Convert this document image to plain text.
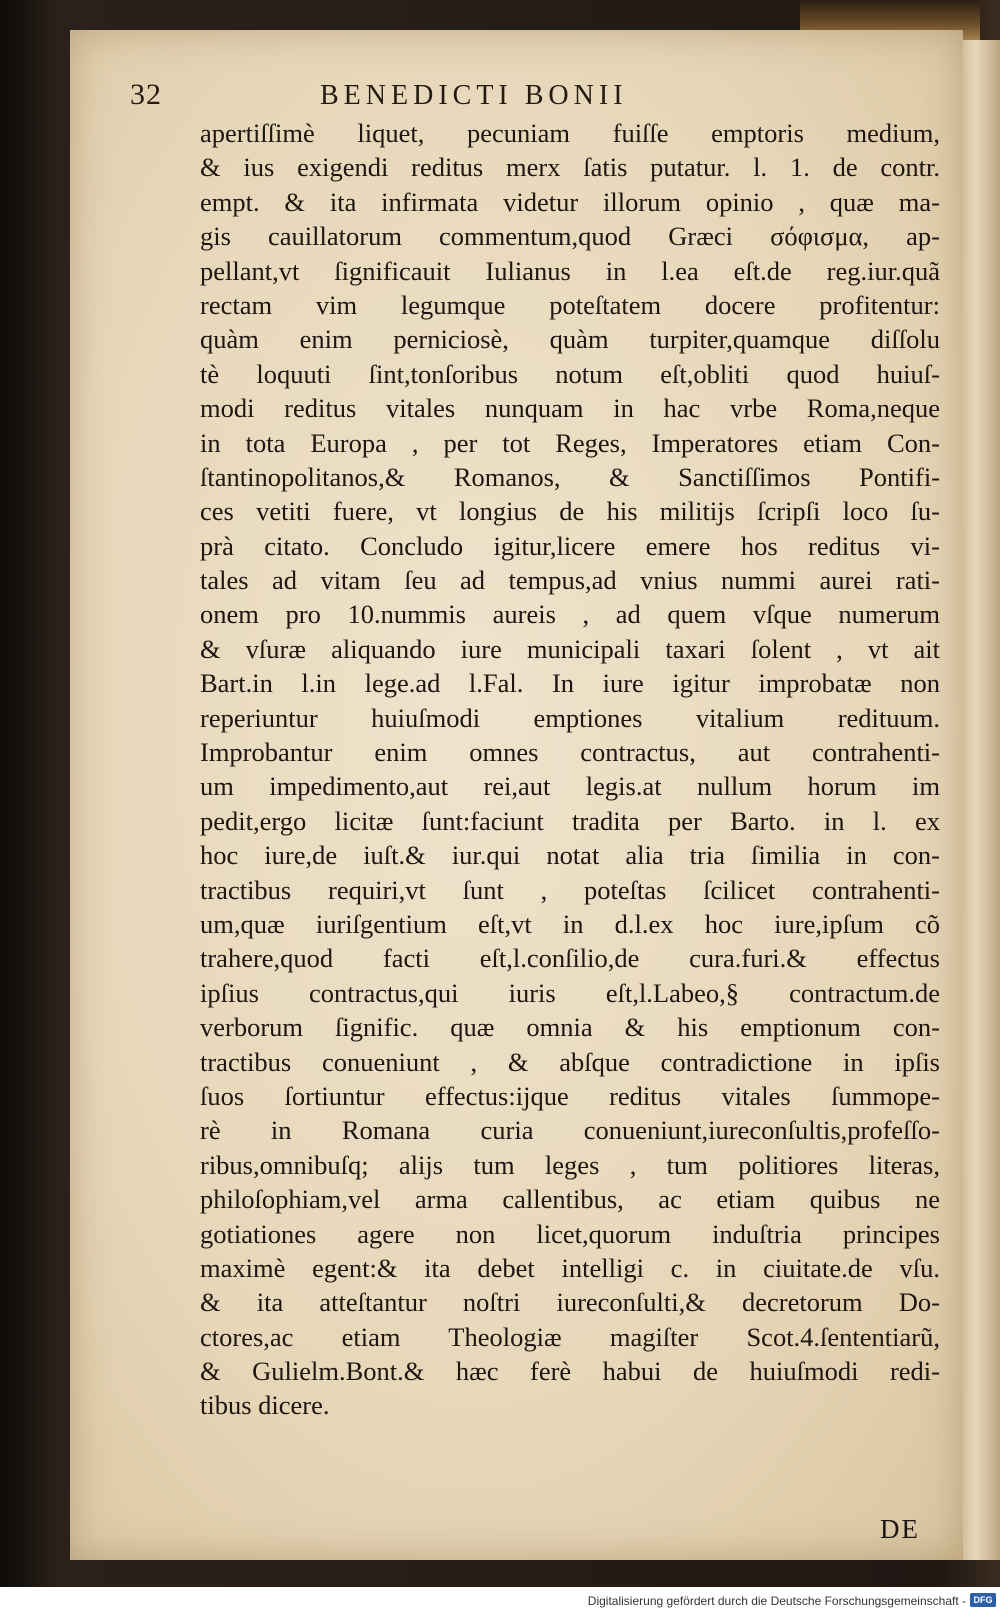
32	BENEDICTI BONII
apertiſſimè liquet, pecuniam fuiſſe emptoris medium,
& ius exigendi reditus merx ſatis putatur. l. 1. de contr.
empt. & ita infirmata videtur illorum opinio , quæ ma-
gis cauillatorum commentum,quod Græci σόφισμα, ap-
pellant,vt ſignificauit Iulianus in l.ea eſt.de reg.iur.quã
rectam vim legumque poteſtatem docere profitentur:
quàm enim perniciosè, quàm turpiter,quamque diſſolu
tè loquuti ſint,tonſoribus notum eſt,obliti quod huiuſ-
modi reditus vitales nunquam in hac vrbe Roma,neque
in tota Europa , per tot Reges, Imperatores etiam Con-
ſtantinopolitanos,& Romanos, & Sanctiſſimos Pontifi-
ces vetiti fuere, vt longius de his militijs ſcripſi loco ſu-
prà citato. Concludo igitur,licere emere hos reditus vi-
tales ad vitam ſeu ad tempus,ad vnius nummi aurei rati-
onem pro 10.nummis aureis , ad quem vſque numerum
& vſuræ aliquando iure municipali taxari ſolent , vt ait
Bart.in l.in lege.ad l.Fal. In iure igitur improbatæ non
reperiuntur huiuſmodi emptiones vitalium redituum.
Improbantur enim omnes contractus, aut contrahenti-
um impedimento,aut rei,aut legis.at nullum horum im
pedit,ergo licitæ ſunt:faciunt tradita per Barto. in l. ex
hoc iure,de iuſt.& iur.qui notat alia tria ſimilia in con-
tractibus requiri,vt ſunt , poteſtas ſcilicet contrahenti-
um,quæ iuriſgentium eſt,vt in d.l.ex hoc iure,ipſum cõ
trahere,quod facti eſt,l.conſilio,de cura.furi.& effectus
ipſius contractus,qui iuris eſt,l.Labeo,§ contractum.de
verborum ſignific. quæ omnia & his emptionum con-
tractibus conueniunt , & abſque contradictione in ipſis
ſuos ſortiuntur effectus:ijque reditus vitales ſummope-
rè in Romana curia conueniunt,iureconſultis,profeſſo-
ribus,omnibuſq; alijs tum leges , tum politiores literas,
philoſophiam,vel arma callentibus, ac etiam quibus ne
gotiationes agere non licet,quorum induſtria principes
maximè egent:& ita debet intelligi c. in ciuitate.de vſu.
& ita atteſtantur noſtri iureconſulti,& decretorum Do-
ctores,ac etiam Theologiæ magiſter Scot.4.ſententiarũ,
& Gulielm.Bont.& hæc ferè habui de huiuſmodi redi-
tibus dicere.
DE
Digitalisierung gefördert durch die Deutsche Forschungsgemeinschaft - DFG
